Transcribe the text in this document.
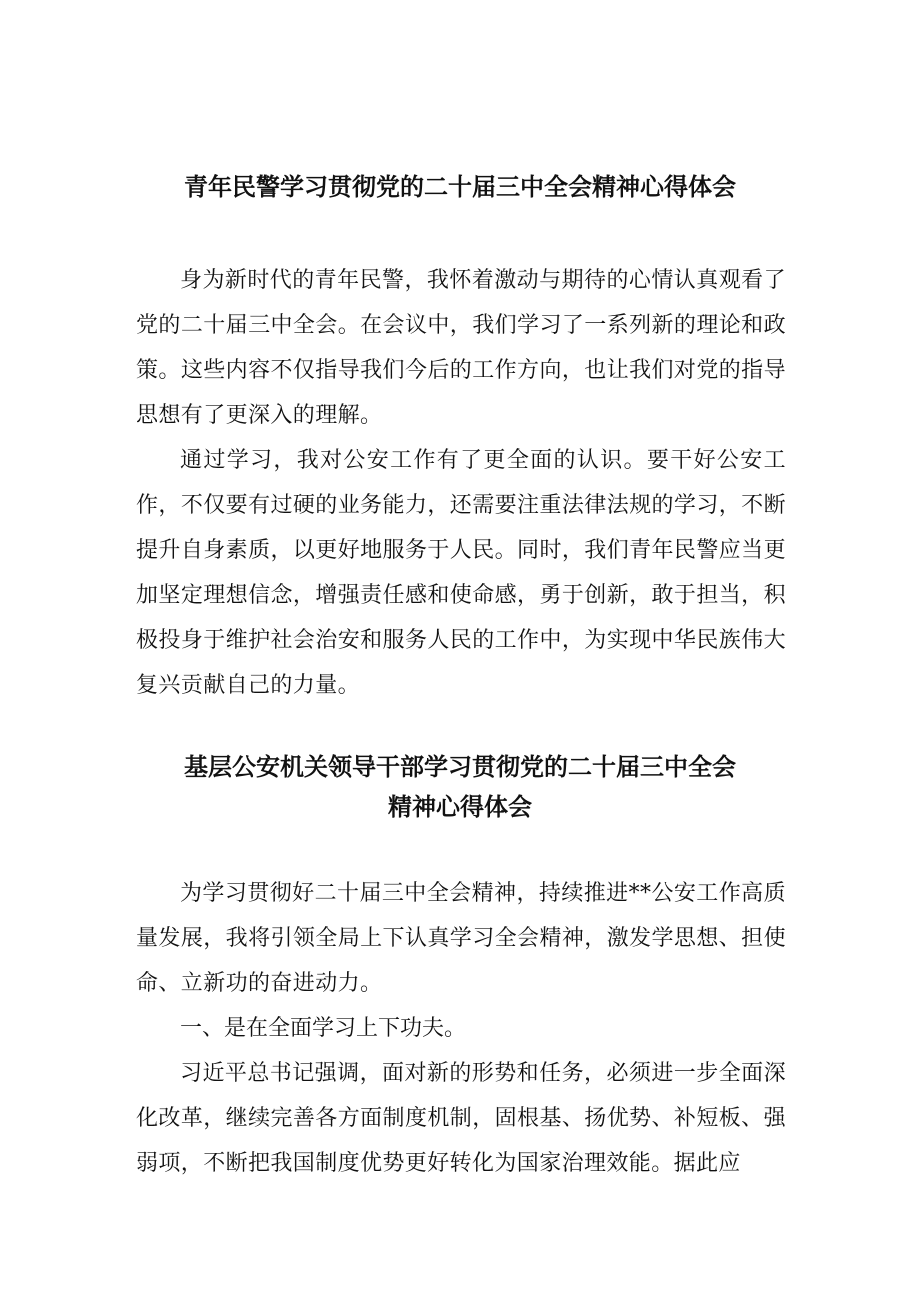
青年民警学习贯彻党的二十届三中全会精神心得体会

身为新时代的青年民警，我怀着激动与期待的心情认真观看了党的二十届三中全会。在会议中，我们学习了一系列新的理论和政策。这些内容不仅指导我们今后的工作方向，也让我们对党的指导思想有了更深入的理解。

通过学习，我对公安工作有了更全面的认识。要干好公安工作，不仅要有过硬的业务能力，还需要注重法律法规的学习，不断提升自身素质，以更好地服务于人民。同时，我们青年民警应当更加坚定理想信念，增强责任感和使命感，勇于创新，敢于担当，积极投身于维护社会治安和服务人民的工作中，为实现中华民族伟大复兴贡献自己的力量。

基层公安机关领导干部学习贯彻党的二十届三中全会
精神心得体会

为学习贯彻好二十届三中全会精神，持续推进**公安工作高质量发展，我将引领全局上下认真学习全会精神，激发学思想、担使命、立新功的奋进动力。

一、是在全面学习上下功夫。

习近平总书记强调，面对新的形势和任务，必须进一步全面深化改革，继续完善各方面制度机制，固根基、扬优势、补短板、强弱项，不断把我国制度优势更好转化为国家治理效能。据此应
